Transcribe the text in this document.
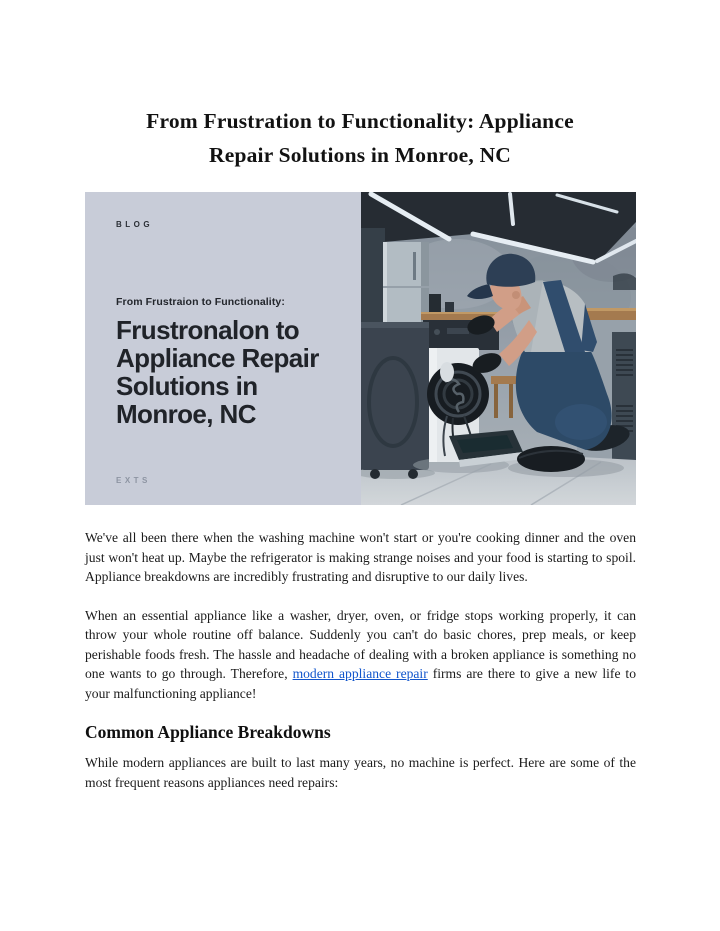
From Frustration to Functionality: Appliance
Repair Solutions in Monroe, NC
BLOG
From Frustraion to Functionality:
Frustronalon to
Appliance Repair
Solutions in
Monroe, NC
EXTS

We've all been there when the washing machine won't start or you're cooking dinner and the oven just won't heat up. Maybe the refrigerator is making strange noises and your food is starting to spoil. Appliance breakdowns are incredibly frustrating and disruptive to our daily lives.

When an essential appliance like a washer, dryer, oven, or fridge stops working properly, it can throw your whole routine off balance. Suddenly you can't do basic chores, prep meals, or keep perishable foods fresh. The hassle and headache of dealing with a broken appliance is something no one wants to go through. Therefore, modern appliance repair firms are there to give a new life to your malfunctioning appliance!

Common Appliance Breakdowns

While modern appliances are built to last many years, no machine is perfect. Here are some of the most frequent reasons appliances need repairs:
